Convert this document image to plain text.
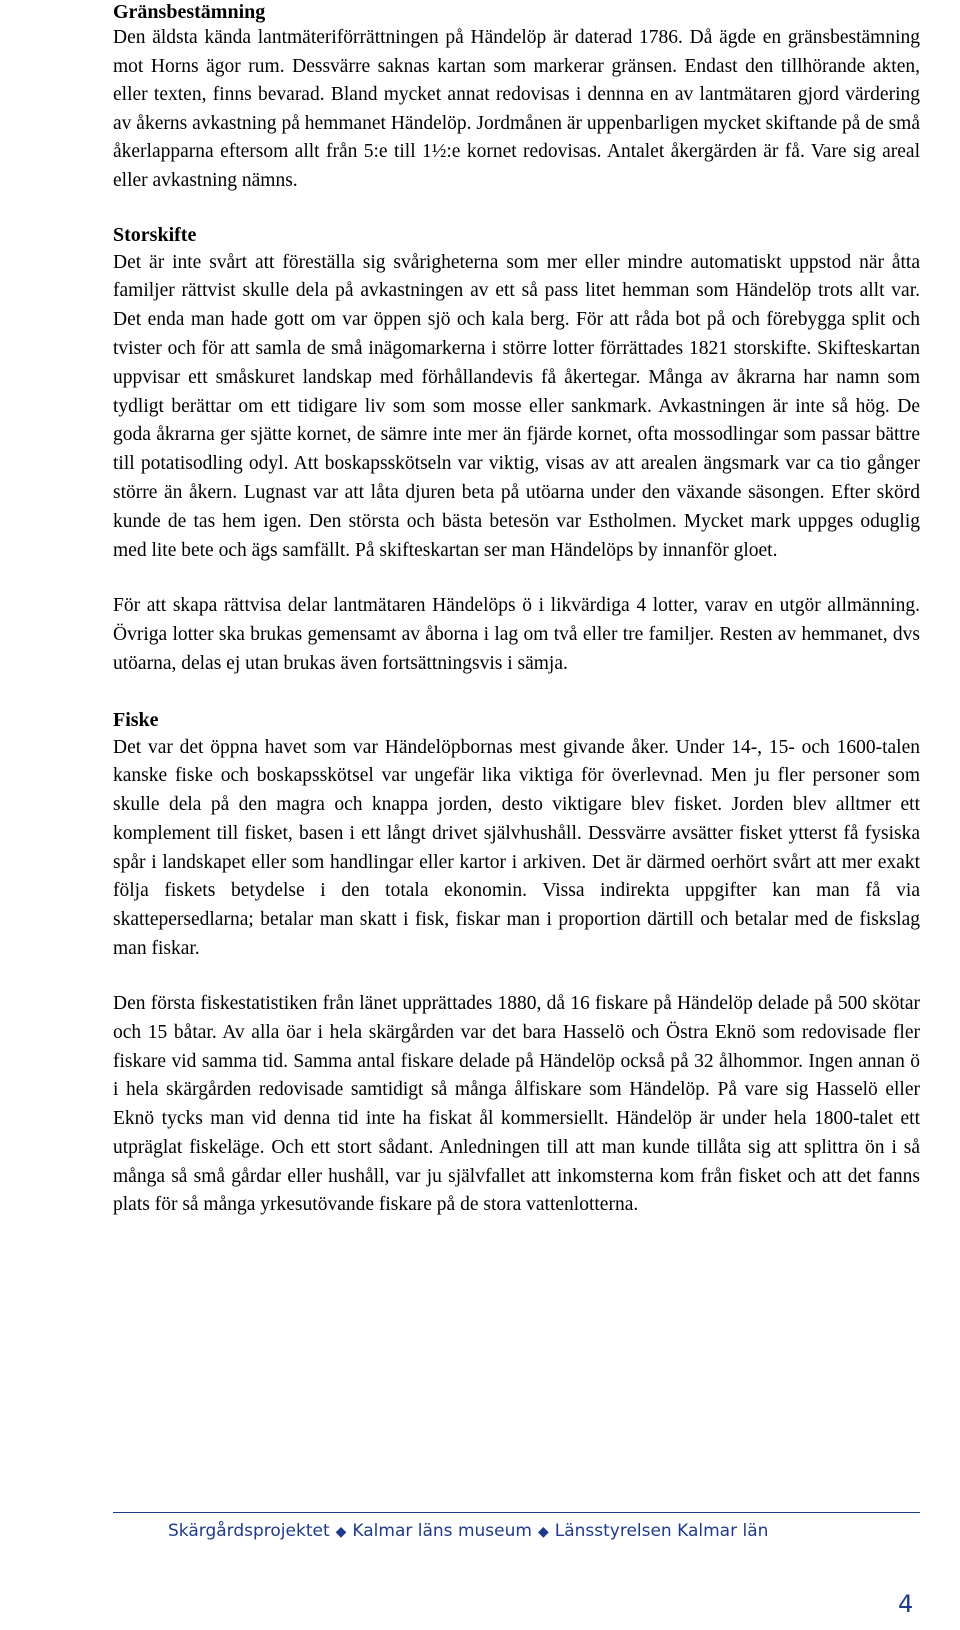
Gränsbestämning

Den äldsta kända lantmäteriförrättningen på Händelöp är daterad 1786. Då ägde en gränsbestämning mot Horns ägor rum. Dessvärre saknas kartan som markerar gränsen. Endast den tillhörande akten, eller texten, finns bevarad. Bland mycket annat redovisas i dennna en av lantmätaren gjord värdering av åkerns avkastning på hemmanet Händelöp. Jordmånen är uppenbarligen mycket skiftande på de små åkerlapparna eftersom allt från 5:e till 1½:e kornet redovisas. Antalet åkergärden är få. Vare sig areal eller avkastning nämns.

Storskifte

Det är inte svårt att föreställa sig svårigheterna som mer eller mindre automatiskt uppstod när åtta familjer rättvist skulle dela på avkastningen av ett så pass litet hemman som Händelöp trots allt var. Det enda man hade gott om var öppen sjö och kala berg. För att råda bot på och förebygga split och tvister och för att samla de små inägomarkerna i större lotter förrättades 1821 storskifte. Skifteskartan uppvisar ett småskuret landskap med förhållandevis få åkertegar. Många av åkrarna har namn som tydligt berättar om ett tidigare liv som som mosse eller sankmark. Avkastningen är inte så hög. De goda åkrarna ger sjätte kornet, de sämre inte mer än fjärde kornet, ofta mossodlingar som passar bättre till potatisodling odyl. Att boskapsskötseln var viktig, visas av att arealen ängsmark var ca tio gånger större än åkern. Lugnast var att låta djuren beta på utöarna under den växande säsongen. Efter skörd kunde de tas hem igen. Den största och bästa betesön var Estholmen. Mycket mark uppges oduglig med lite bete och ägs samfällt. På skifteskartan ser man Händelöps by innanför gloet.

För att skapa rättvisa delar lantmätaren Händelöps ö i likvärdiga 4 lotter, varav en utgör allmänning. Övriga lotter ska brukas gemensamt av åborna i lag om två eller tre familjer. Resten av hemmanet, dvs utöarna, delas ej utan brukas även fortsättningsvis i sämja.

Fiske

Det var det öppna havet som var Händelöpbornas mest givande åker. Under 14-, 15- och 1600-talen kanske fiske och boskapsskötsel var ungefär lika viktiga för överlevnad. Men ju fler personer som skulle dela på den magra och knappa jorden, desto viktigare blev fisket. Jorden blev alltmer ett komplement till fisket, basen i ett långt drivet självhushåll. Dessvärre avsätter fisket ytterst få fysiska spår i landskapet eller som handlingar eller kartor i arkiven. Det är därmed oerhört svårt att mer exakt följa fiskets betydelse i den totala ekonomin. Vissa indirekta uppgifter kan man få via skattepersedlarna; betalar man skatt i fisk, fiskar man i proportion därtill och betalar med de fiskslag man fiskar.

Den första fiskestatistiken från länet upprättades 1880, då 16 fiskare på Händelöp delade på 500 skötar och 15 båtar. Av alla öar i hela skärgården var det bara Hasselö och Östra Eknö som redovisade fler fiskare vid samma tid. Samma antal fiskare delade på Händelöp också på 32 ålhommor. Ingen annan ö i hela skärgården redovisade samtidigt så många ålfiskare som Händelöp. På vare sig Hasselö eller Eknö tycks man vid denna tid inte ha fiskat ål kommersiellt. Händelöp är under hela 1800-talet ett utpräglat fiskeläge. Och ett stort sådant. Anledningen till att man kunde tillåta sig att splittra ön i så många så små gårdar eller hushåll, var ju självfallet att inkomsterna kom från fisket och att det fanns plats för så många yrkesutövande fiskare på de stora vattenlotterna.

Skärgårdsprojektet ◆ Kalmar läns museum ◆ Länsstyrelsen Kalmar län
4
